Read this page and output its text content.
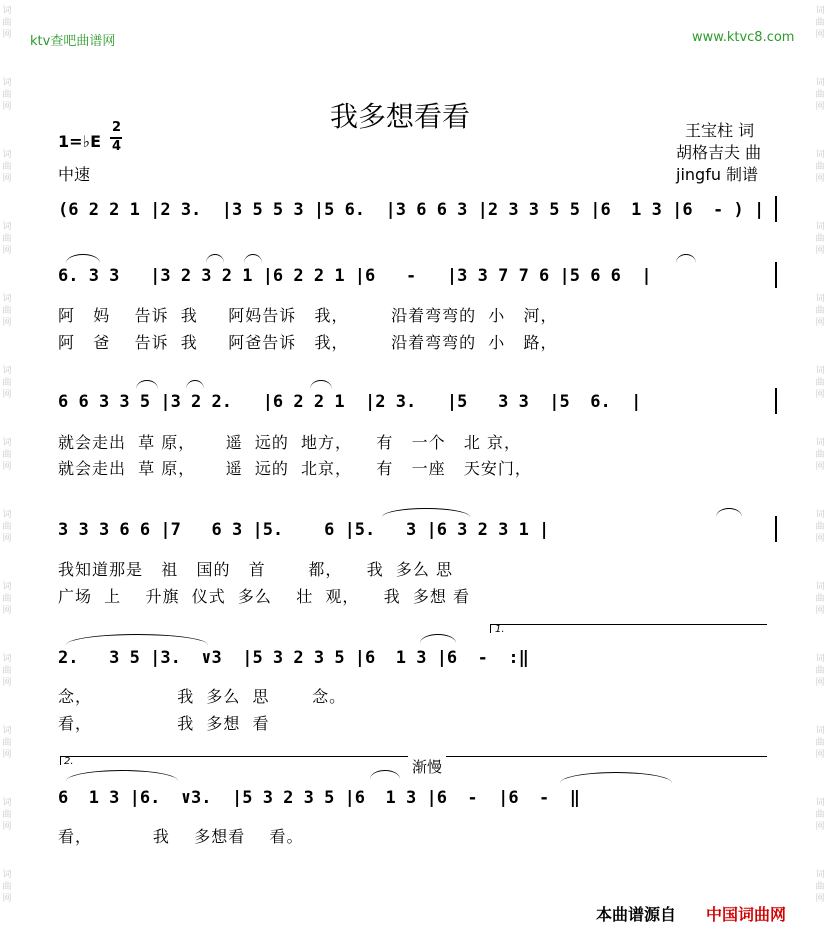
词
曲
网
词
曲
网
词
曲
网
词
曲
网
词
曲
网
词
曲
网
词
曲
网
词
曲
网
词
曲
网
词
曲
网
词
曲
网
词
曲
网
词
曲
网
词
曲
网
词
曲
网
词
曲
网
词
曲
网
词
曲
网
词
曲
网
词
曲
网
词
曲
网
词
曲
网
词
曲
网
词
曲
网
词
曲
网
词
曲
网
ktv查吧曲谱网	www.ktvc8.com
我多想看看
1=♭E
2
4
中速
王宝柱 词
胡格吉夫 曲
jingfu 制谱
(6 2 2 1 |2 3.  |3 5 5 3 |5 6.  |3 6 6 3 |2 3 3 5 5 |6  1 3 |6  - ) |
6. 3 3   |3 2 3 2 1 |6 2 2 1 |6   -   |3 3 7 7 6 |5 6 6  |
阿   妈    告诉  我     阿妈告诉   我，       沿着弯弯的  小   河，
阿   爸    告诉  我     阿爸告诉   我，       沿着弯弯的  小   路，
6 6 3 3 5 |3 2 2.   |6 2 2 1  |2 3.   |5   3 3  |5  6.  |
就会走出  草 原，     遥  远的  地方，    有   一个   北 京，
就会走出  草 原，     遥  远的  北京，    有   一座   天安门，
3 3 3 6 6 |7   6 3 |5.    6 |5.   3 |6 3 2 3 1 |
我知道那是   祖   国的   首       都，    我  多么 思
广场  上    升旗  仪式  多么    壮  观，    我  多想 看
1.
2.   3 5 |3.  ∨3  |5 3 2 3 5 |6  1 3 |6  -  :‖
念，              我  多么  思       念。
看，              我  多想  看
2.	渐慢
6  1 3 |6.  ∨3.  |5 3 2 3 5 |6  1 3 |6  -  |6  -  ‖
看，          我    多想看    看。
本曲谱源自 中国词曲网
